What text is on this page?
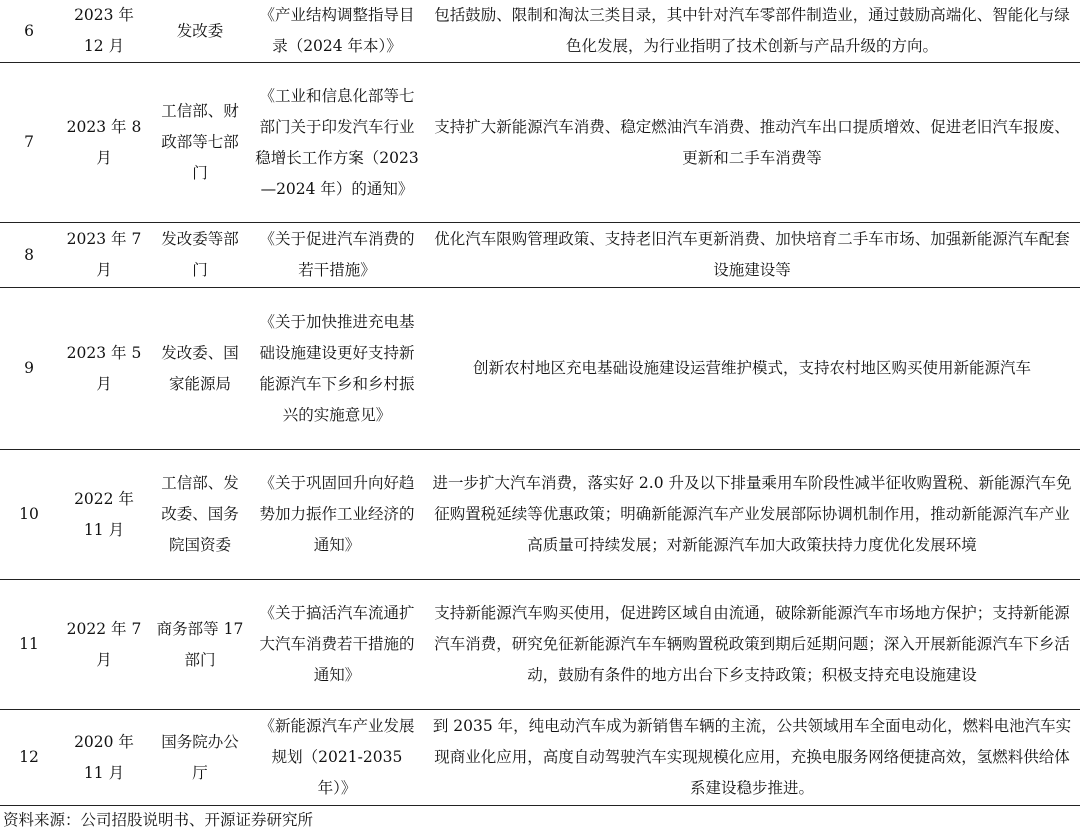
6	2023 年 12 月	发改委	《产业结构调整指导目录（2024 年本）》	包括鼓励、限制和淘汰三类目录，其中针对汽车零部件制造业，通过鼓励高端化、智能化与绿色化发展，为行业指明了技术创新与产品升级的方向。
7	2023 年 8 月	工信部、财政部等七部门	《工业和信息化部等七部门关于印发汽车行业稳增长工作方案（2023—2024 年）的通知》	支持扩大新能源汽车消费、稳定燃油汽车消费、推动汽车出口提质增效、促进老旧汽车报废、更新和二手车消费等
8	2023 年 7 月	发改委等部门	《关于促进汽车消费的若干措施》	优化汽车限购管理政策、支持老旧汽车更新消费、加快培育二手车市场、加强新能源汽车配套设施建设等
9	2023 年 5 月	发改委、国家能源局	《关于加快推进充电基础设施建设更好支持新能源汽车下乡和乡村振兴的实施意见》	创新农村地区充电基础设施建设运营维护模式，支持农村地区购买使用新能源汽车
10	2022 年 11 月	工信部、发改委、国务院国资委	《关于巩固回升向好趋势加力振作工业经济的通知》	进一步扩大汽车消费，落实好 2.0 升及以下排量乘用车阶段性减半征收购置税、新能源汽车免征购置税延续等优惠政策；明确新能源汽车产业发展部际协调机制作用，推动新能源汽车产业高质量可持续发展；对新能源汽车加大政策扶持力度优化发展环境
11	2022 年 7 月	商务部等 17 部门	《关于搞活汽车流通扩大汽车消费若干措施的通知》	支持新能源汽车购买使用，促进跨区域自由流通，破除新能源汽车市场地方保护；支持新能源汽车消费，研究免征新能源汽车车辆购置税政策到期后延期问题；深入开展新能源汽车下乡活动，鼓励有条件的地方出台下乡支持政策；积极支持充电设施建设
12	2020 年 11 月	国务院办公厅	《新能源汽车产业发展规划（2021-2035 年）》	到 2035 年，纯电动汽车成为新销售车辆的主流，公共领域用车全面电动化，燃料电池汽车实现商业化应用，高度自动驾驶汽车实现规模化应用，充换电服务网络便捷高效，氢燃料供给体系建设稳步推进。
资料来源：公司招股说明书、开源证券研究所
